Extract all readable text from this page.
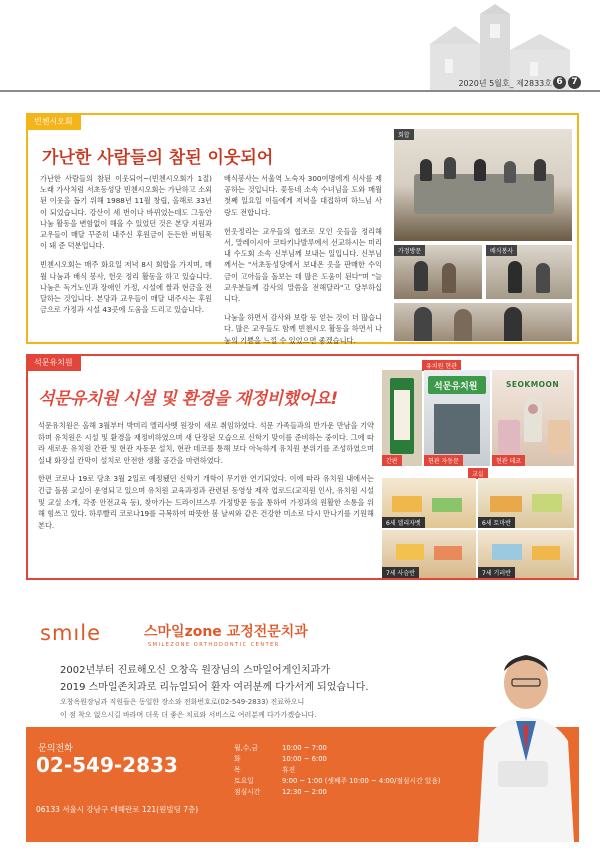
2020년 5월호_ 제2833호 6 7
빈첸시오회
가난한 사람들의 참된 이웃되어

가난한 사람들의 참된 이웃되어~(빈첸시오회가 1절) 노래 가사처럼 서초동성당 빈첸시오회는 가난하고 소외된 이웃을 돕기 위해 1988년 11월 창립, 올해로 33년이 되었습니다. 강산이 세 번이나 바뀌었는데도 그동안 나눔 활동을 변함없이 해올 수 있었던 것은 본당 지원과 교우들이 매달 꾸준히 내주신 후원금이 든든한 버팀목이 돼 준 덕분입니다.

빈첸시오회는 매주 화요일 저녁 8시 회합을 가지며, 매월 나눔과 배식 봉사, 헌옷 정리 활동을 하고 있습니다. 나눔은 독거노인과 장애인 가정, 시설에 쌀과 현금을 전달하는 것입니다. 본당과 교우들이 매달 내주시는 후원금으로 가정과 시설 43곳에 도움을 드리고 있습니다.

배식봉사는 서울역 노숙자 300여명에게 식사를 제공하는 것입니다. 꽃동네 소속 수녀님을 도와 매월 첫째 일요일 이들에게 저녁을 대접하며 하느님 사랑도 전합니다.

헌옷정리는 교우들의 협조로 모인 옷들을 정리해서, 말레이시아 코타키나발루에서 선교하시는 미리내 수도회 소속 신부님께 보내는 일입니다. 신부님께서는 "서초동성당에서 보내온 옷을 판매한 수익금이 고아들을 돌보는 데 많은 도움이 된다"며 "늘 교우분들께 감사의 말씀을 전해달라"고 당부하십니다.

나눔을 하면서 감사와 보람 등 얻는 것이 더 많습니다. 많은 교우들도 함께 빈첸시오 활동을 하면서 나눔의 기쁨을 느낄 수 있었으면 좋겠습니다.

회합
가정방문	배식봉사
석문유치원
석문유치원 시설 및 환경을 재정비했어요!

석문유치원은 올해 3월부터 박미리 엘리사벳 원장이 새로 취임하였다. 석문 가족들과의 반가운 만남을 기약하며 유치원은 시설 및 환경을 재정비하였으며 새 단장된 모습으로 신학기 맞이를 준비하는 중이다. 그에 따라 새로운 유치원 간판 및 현관 자동문 설치, 현관 데코를 통해 보다 아늑하게 유치원 분위기를 조성하였으며 실내 화장실 칸막이 설치로 안전한 생활 공간을 마련하였다.

한편 코로나 19로 당초 3월 2일로 예정됐던 신학기 개학이 무기한 연기되었다. 이에 따라 유치원 내에서는 긴급 돌봄 교실이 운영되고 있으며 유치원 교육과정과 관련된 동영상 제작 업로드(교직원 인사, 유치원 시설 및 교실 소개, 각종 안전교육 등), 찾아가는 드라이브스루 가정방문 등을 통하여 가정과의 원활한 소통을 위해 힘쓰고 있다. 하루빨리 코로나19를 극복하여 따뜻한 봄 날씨와 같은 건강한 미소로 다시 만나기를 기원해본다.

유치원 현관
간판
석문유치원
현관 자동문
SEOKMOON
현관 데코
교실
6세 엘리자벳	6세 토마반
7세 사슴반	7세 기러반
smıle	스마일zone 교정전문치과
SMILEZONE ORTHODONTIC CENTER
2002년부터 진료해오신 오창옥 원장님의 스마일어게인치과가
2019 스마일존치과로 리뉴얼되어 환자 여러분께 다가서게 되었습니다.
오창옥원장님과 직원들은 동일한 장소와 전화번호로(02-549-2833) 진료하오니
이 점 착오 없으시길 바라며 더욱 더 좋은 치료와 서비스로 여러분께 다가가겠습니다.
문의전화
02-549-2833
06133 서울시 강남구 테헤란로 121(원빌딩 7층)
월,수,금	10:00 ~ 7:00
화	10:00 ~ 6:00
목	휴진
토요일	9:00 ~ 1:00 (셋째주 10:00 ~ 4:00/점심시간 있음)
점심시간	12:30 ~ 2:00
